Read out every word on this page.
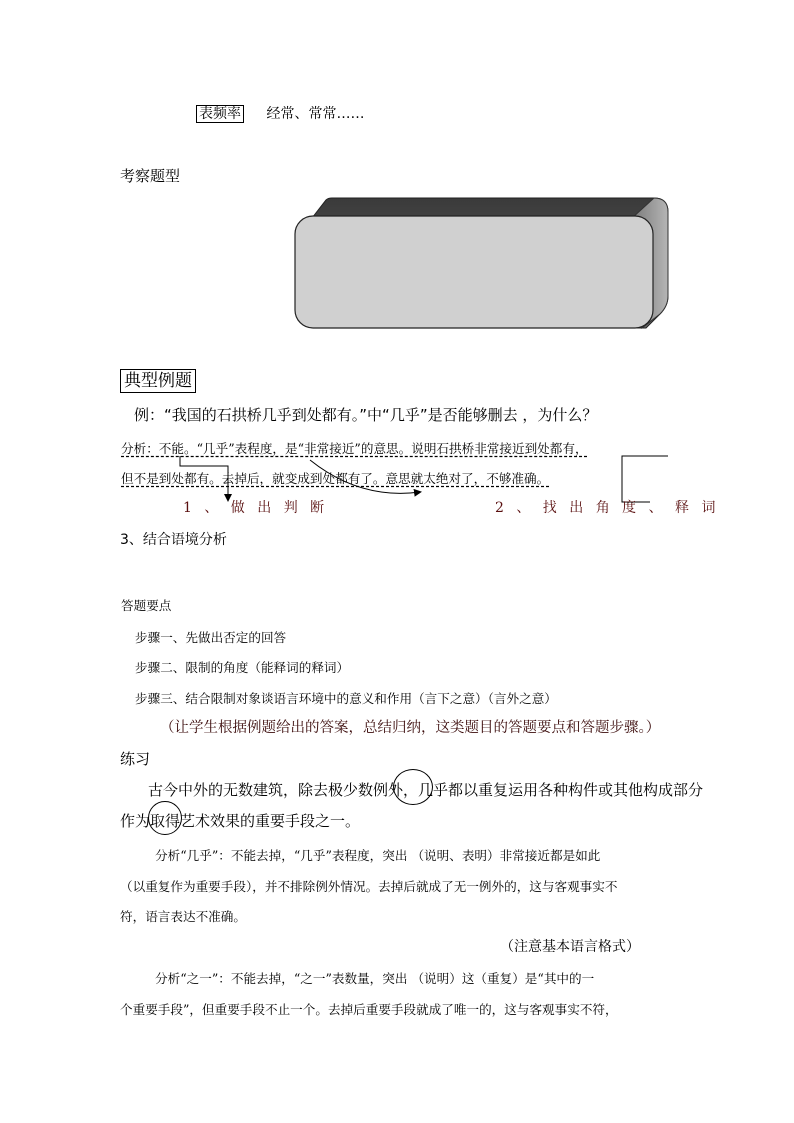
表频率 经常、常常……
考察题型
典型例题
例：“我国的石拱桥几乎到处都有。”中“几乎”是否能够删去 ，为什么？
分析：不能。“几乎”表程度，是“非常接近”的意思。说明石拱桥非常接近到处都有，
但不是到处都有。去掉后，就变成到处都有了。意思就太绝对了，不够准确。
1 、 做 出 判 断	2 、 找 出 角 度 、 释 词
3、结合语境分析
答题要点
步骤一、先做出否定的回答
步骤二、限制的角度（能释词的释词）
步骤三、结合限制对象谈语言环境中的意义和作用（言下之意）（言外之意）
（让学生根据例题给出的答案，总结归纳，这类题目的答题要点和答题步骤。）
练习
古今中外的无数建筑，除去极少数例外，几乎都以重复运用各种构件或其他构成部分
作为取得艺术效果的重要手段之一。
分析“几乎”：不能去掉，“几乎”表程度，突出 （说明、表明）非常接近都是如此
（以重复作为重要手段），并不排除例外情况。去掉后就成了无一例外的，这与客观事实不
符，语言表达不准确。
（注意基本语言格式）
分析“之一”：不能去掉，“之一”表数量，突出 （说明）这（重复）是“其中的一
个重要手段”，但重要手段不止一个。去掉后重要手段就成了唯一的，这与客观事实不符，
